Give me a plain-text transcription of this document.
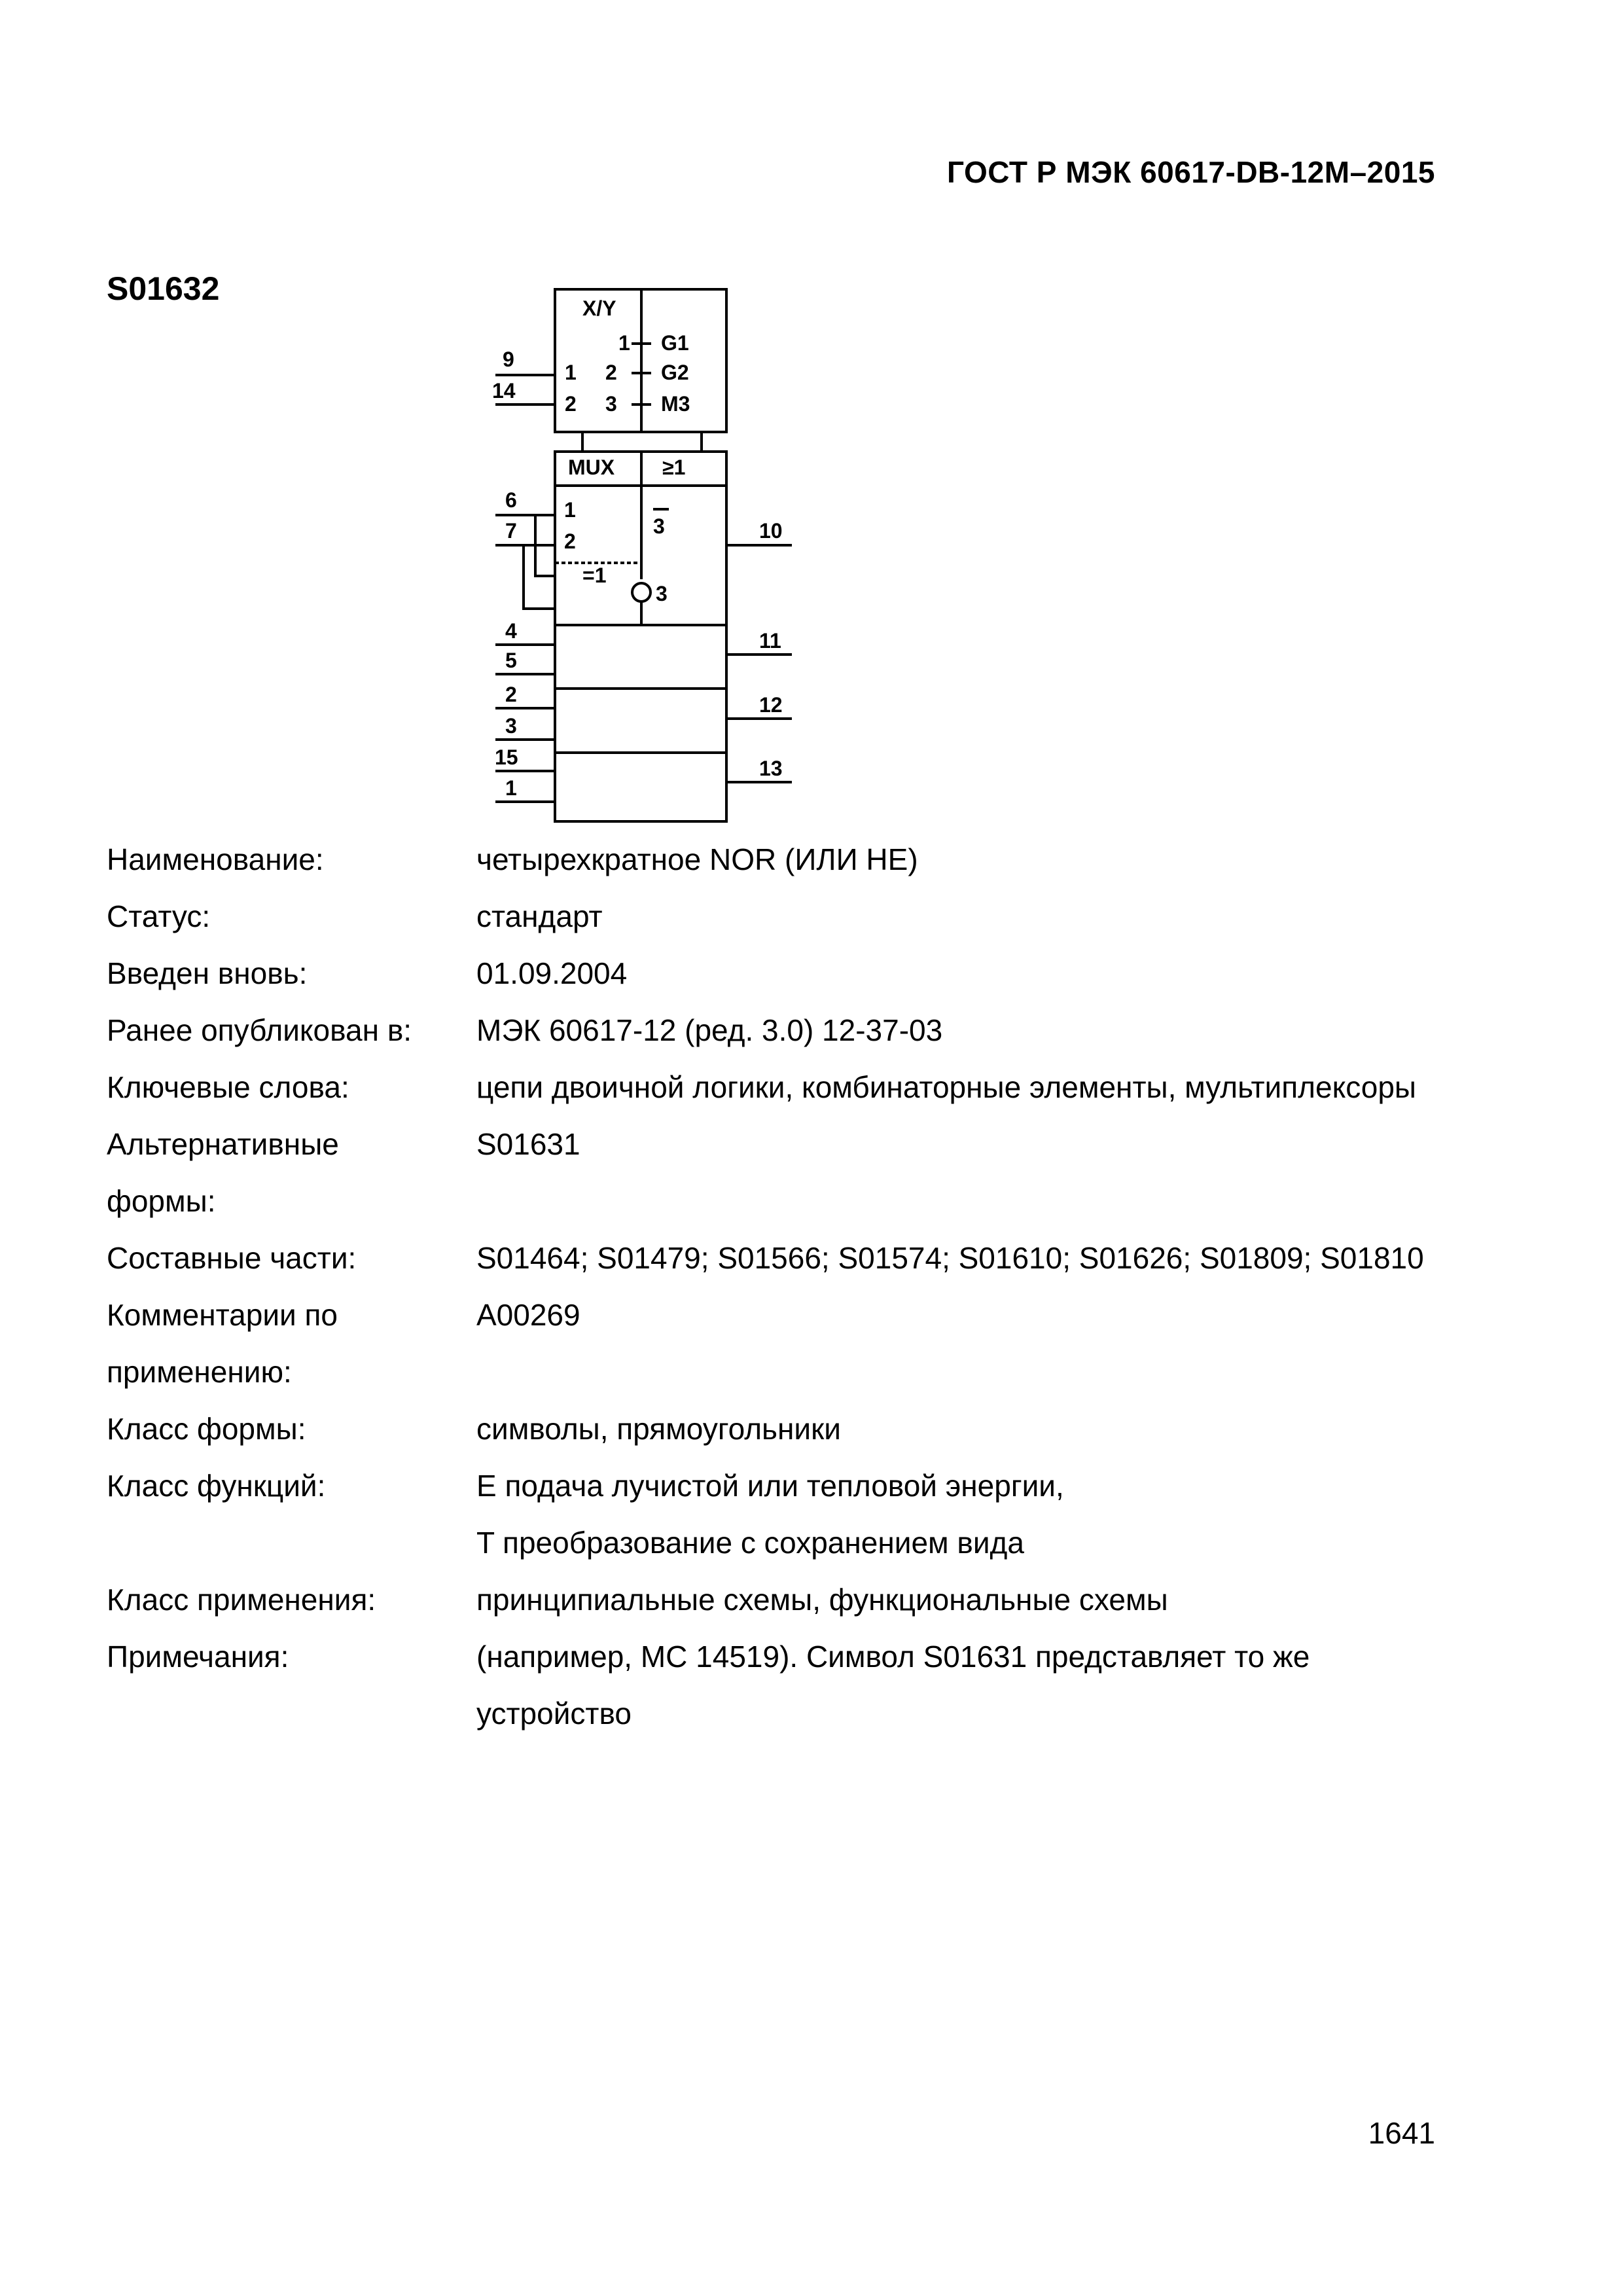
ГОСТ Р МЭК 60617-DB-12M–2015
S01632
X/Y
1
2
3
G1
G2
M3
1
2
9
14
MUX ≥1
1
2
6
7	3
=1
3
4
5
2
3
15
1
10
11
12
13
Наименование:	четырехкратное NOR (ИЛИ НЕ)
Статус:	стандарт
Введен вновь:	01.09.2004
Ранее опубликован в:	МЭК 60617-12 (ред. 3.0) 12-37-03
Ключевые слова:	цепи двоичной логики, комбинаторные элементы, мультиплексоры
Альтернативные	S01631
формы:
Составные части:	S01464; S01479; S01566; S01574; S01610; S01626; S01809; S01810
Комментарии по	A00269
применению:
Класс формы:	символы, прямоугольники
Класс функций:	E подача лучистой или тепловой энергии,
T преобразование с сохранением вида
Класс применения:	принципиальные схемы, функциональные схемы
Примечания:	(например, MC 14519). Символ S01631 представляет то же
устройство
1641
